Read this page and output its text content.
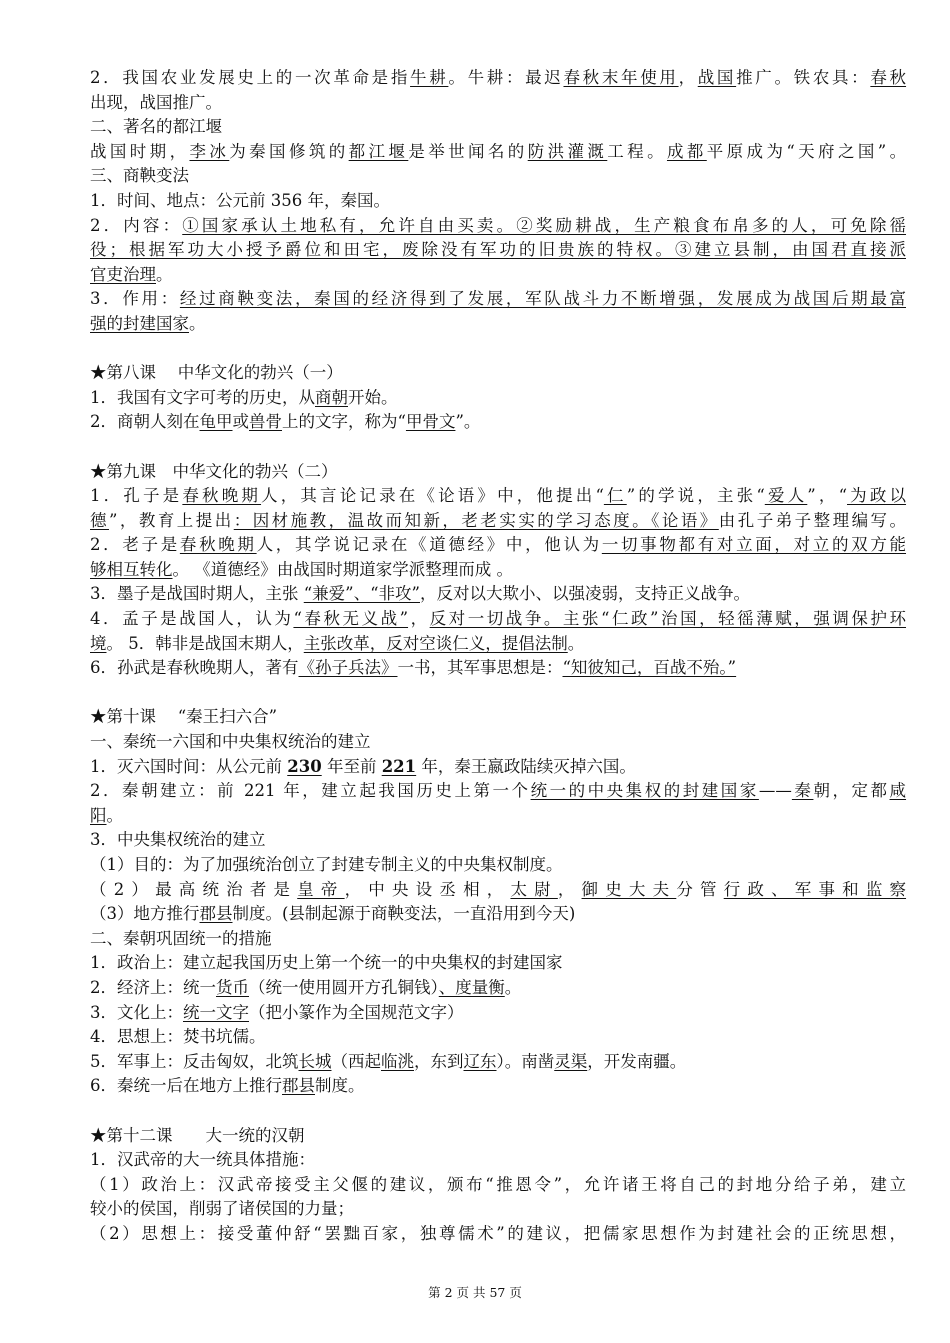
2．我国农业发展史上的一次革命是指牛耕。牛耕：最迟春秋末年使用，战国推广。铁农具：春秋
出现，战国推广。
二、著名的都江堰
战国时期，李冰为秦国修筑的都江堰是举世闻名的防洪灌溉工程。成都平原成为“天府之国”。
三、商鞅变法
1．时间、地点：公元前 356 年，秦国。
2．内容：①国家承认土地私有，允许自由买卖。②奖励耕战，生产粮食布帛多的人，可免除徭
役；根据军功大小授予爵位和田宅，废除没有军功的旧贵族的特权。③建立县制，由国君直接派
官吏治理。
3．作用：经过商鞅变法，秦国的经济得到了发展，军队战斗力不断增强，发展成为战国后期最富
强的封建国家。
★第八课　 中华文化的勃兴（一）
1．我国有文字可考的历史，从商朝开始。
2．商朝人刻在龟甲或兽骨上的文字，称为“甲骨文”。
★第九课　中华文化的勃兴（二）
1．孔子是春秋晚期人，其言论记录在《论语》中，他提出“仁”的学说，主张“爱人”，“为政以
德”，教育上提出：因材施教，温故而知新，老老实实的学习态度。《论语》由孔子弟子整理编写。
2．老子是春秋晚期人，其学说记录在《道德经》中，他认为一切事物都有对立面，对立的双方能
够相互转化。 《道德经》由战国时期道家学派整理而成 。
3．墨子是战国时期人，主张 “兼爱”、“非攻”，反对以大欺小、以强凌弱，支持正义战争。
4．孟子是战国人，认为“春秋无义战”，反对一切战争。主张“仁政”治国，轻徭薄赋，强调保护环
境。 5．韩非是战国末期人，主张改革，反对空谈仁义，提倡法制。
6．孙武是春秋晚期人，著有《孙子兵法》一书，其军事思想是：“知彼知己，百战不殆。”
★第十课　 “秦王扫六合”
一、秦统一六国和中央集权统治的建立
1．灭六国时间：从公元前 230 年至前 221 年，秦王嬴政陆续灭掉六国。
2．秦朝建立：前 221 年，建立起我国历史上第一个统一的中央集权的封建国家——秦朝，定都咸
阳。
3．中央集权统治的建立
（1）目的：为了加强统治创立了封建专制主义的中央集权制度。
（2）最高统治者是皇帝，中央设丞相，太尉，御史大夫分管行政、军事和监察
（3）地方推行郡县制度。(县制起源于商鞅变法，一直沿用到今天)
二、秦朝巩固统一的措施
1．政治上：建立起我国历史上第一个统一的中央集权的封建国家
2．经济上：统一货币（统一使用圆开方孔铜钱）、度量衡。
3．文化上：统一文字（把小篆作为全国规范文字）
4．思想上：焚书坑儒。
5．军事上：反击匈奴，北筑长城（西起临洮，东到辽东）。南凿灵渠，开发南疆。
6．秦统一后在地方上推行郡县制度。
★第十二课　　大一统的汉朝
1．汉武帝的大一统具体措施：
（1）政治上：汉武帝接受主父偃的建议，颁布“推恩令”，允许诸王将自己的封地分给子弟，建立
较小的侯国，削弱了诸侯国的力量；
（2）思想上：接受董仲舒“罢黜百家，独尊儒术”的建议，把儒家思想作为封建社会的正统思想，
第 2 页 共 57 页
